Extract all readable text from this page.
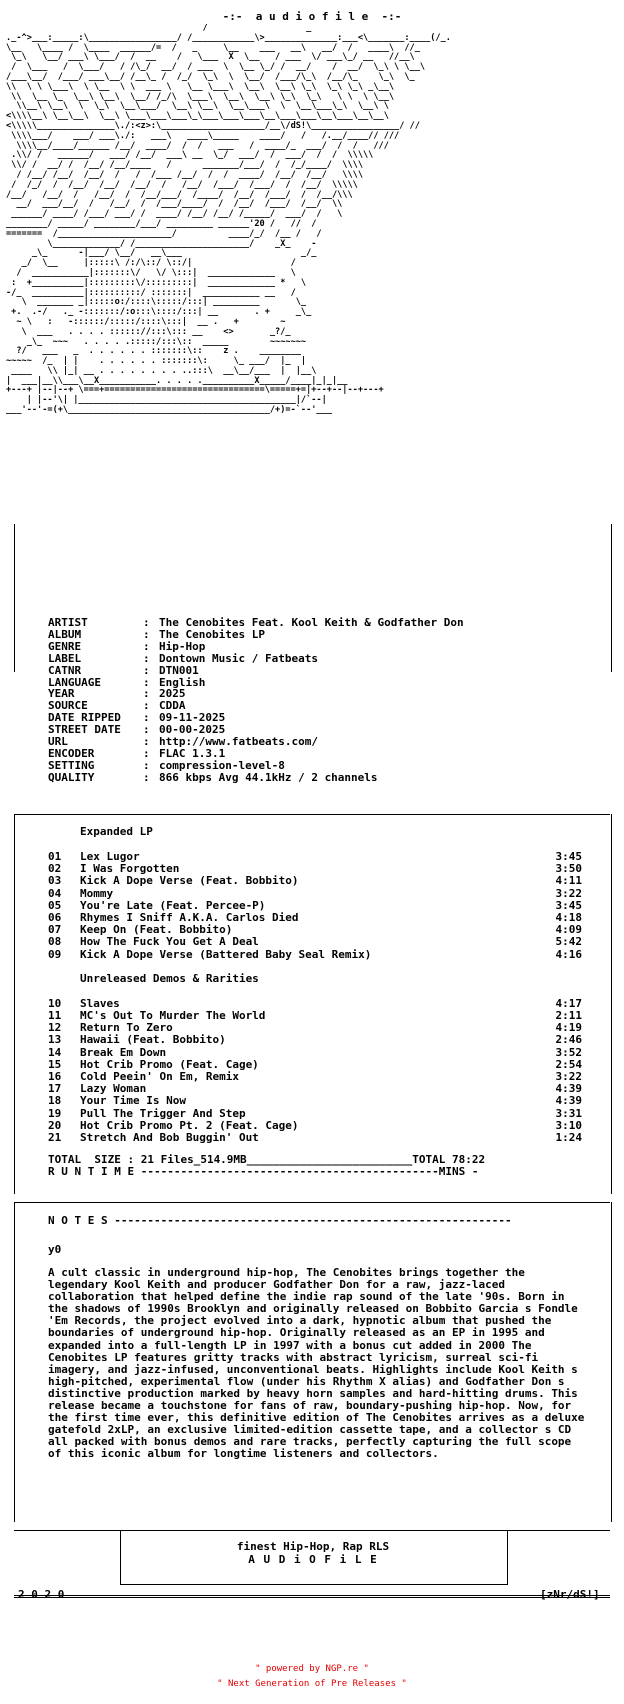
-:-  a u d i o f i l e  -:-
/                   _
._-^>___:_____:\_________________/ /____________\>______________:___<\_______:____(/_.
\__   \____ /  \____  ______/=  /   _     \__    ___   __\   __/  /   ____\  //_
\_\   \__/ ___\ \___/  /  __    /   \___  X  \__   / ___  \/ ___\_/ __   //__\
/  \___   /  \___/   / /\_/  __/  / ___  \  \__ \_/ /  __/    /  __/  \_\ \ \__\
/___\__/  /___/ ___\__/ /__\_ /  /_/  \_\  \  \__/  /___/\_\  /__/\_    \_\  \_
\\  \ \ \___\  \ \__  \ \  ___ \   \__ \___\  \__\  \__\ \_\  \_\ \_\ _\__\
\\  \__ \_  \__\ \__\  \__/ /_/\  \___\  \__\  \__\ \_\  \_\   \ \  \ \__\
\\__\ \__\  \  \_\  \__\___/  \__\ \__\  \__\___\  \  \__\___\_\  \__\ \
<\\\\__\ \__\__\  \__\ \___\___\___\_\___\___\___\__\___\___\__\___\__\__\
<\\\\\_______________\./:<z>:\____________________/__\/dS!\_________________/ //
\\\\___/    ___/ ___\./:   ___\   ____\_____    ____/   /   /.__/____// ///
\\\\__/____/______ /__/  ____/  /  /   ___   /  ____/_  ___/  /  /   ///
.\\/ /   ______/   ___/ /__/  ___\ __  \_/  ___/  /  ___/  /  /  \\\\\
\\/ /  __/ /  /__/ /__/____   /      _______/___/  /  /_/____/  \\\\
/ /__/ /__/  /__/  /   /  /___ /__/  /  /  ____/  /__/  /__/   \\\\
/  /_/  /  /__/  /__/  /__/  /   /__/  /___/  /___/  /  /__/  \\\\\
/__/   /__/  /   /__/  /  /__/___/  /____/  /__/  /___/  /  /__/\\\
__/  ___/__/  /   /__/  /  /___/____/  /  /__/  /___/  /__/  \\
______/ ____/ /___/ ___/ /  ____/ /__/ /__/ /_____/  ___/  /   \
________/ _____/ ________/___/ _________ ______'20 /   //  /
=======  /______________________/          ____/_/  /__ /   /
\_____________/ /______________________/    _X_    -
_\_      -|___/ \__/   __\___                       _/_
_/  \__     |:::::\ /:/\::/ \::/|                   /
/  ___________|:::::::\/   \/ \:::|  _____________   \
:  +__________|:::::::::\/:::::::::|  _____________ *   \
-/_  __________|::::::::::/ :::::::|  ___________ __   /
\  _______ _|:::::o:/::::\:::::/:::| _________       \_
+.  .-/   ._ -:::::::/:o:::\::::/:::| __       . +     _\_
~ \   :   -::::::/:::::/::::\:::|  __ .   +        ~
\  ___   . . . . :::::://:::\::: __    <>       _?/_
_\_  ~~~   . . . . .:::::/:::\::  _____        ~~~~~~~
?/   ___   _  . . . . . . :::::::\::    z .    ________
~~~~~  /_  | |    . . . . . . :::::::\:     \_ ___/  |_  |
____   \\ |_| __ . . . . . . . . ..:::\  __\__/___  |  |__\
|  ___|__\\___\__X___________. . . . .__________X_____/____|_|_|__
+---+ |--|--+ \===+===============================\=====+=|+--+--|--+---+
| |--'\| |__________________________________________|/`--|
___'--'-=(+\_______________________________________/+)=-`--'___
ARTIST	: The Cenobites Feat. Kool Keith & Godfather Don
ALBUM	: The Cenobites LP
GENRE	: Hip-Hop
LABEL	: Dontown Music / Fatbeats
CATNR	: DTN001
LANGUAGE	: English
YEAR	: 2025
SOURCE	: CDDA
DATE RIPPED	: 09-11-2025
STREET DATE	: 00-00-2025
URL	: http://www.fatbeats.com/
ENCODER	: FLAC 1.3.1
SETTING	: compression-level-8
QUALITY	: 866 kbps Avg 44.1kHz / 2 channels
Expanded LP
01	Lex Lugor	3:45
02	I Was Forgotten	3:50
03	Kick A Dope Verse (Feat. Bobbito)	4:11
04	Mommy	3:22
05	You're Late (Feat. Percee-P)	3:45
06	Rhymes I Sniff A.K.A. Carlos Died	4:18
07	Keep On (Feat. Bobbito)	4:09
08	How The Fuck You Get A Deal	5:42
09	Kick A Dope Verse (Battered Baby Seal Remix)	4:16
Unreleased Demos & Rarities
10	Slaves	4:17
11	MC's Out To Murder The World	2:11
12	Return To Zero	4:19
13	Hawaii (Feat. Bobbito)	2:46
14	Break Em Down	3:52
15	Hot Crib Promo (Feat. Cage)	2:54
16	Cold Peein' On Em, Remix	3:22
17	Lazy Woman	4:39
18	Your Time Is Now	4:39
19	Pull The Trigger And Step	3:31
20	Hot Crib Promo Pt. 2 (Feat. Cage)	3:10
21	Stretch And Bob Buggin' Out	1:24
TOTAL  SIZE : 21 Files_514.9MB_________________________TOTAL 78:22
R U N T I M E ---------------------------------------------MINS -
N O T E S ------------------------------------------------------------
y0
A cult classic in underground hip-hop, The Cenobites brings together the legendary Kool Keith and producer Godfather Don for a raw, jazz-laced collaboration that helped define the indie rap sound of the late '90s. Born in the shadows of 1990s Brooklyn and originally released on Bobbito Garcia s Fondle 'Em Records, the project evolved into a dark, hypnotic album that pushed the boundaries of underground hip-hop. Originally released as an EP in 1995 and expanded into a full-length LP in 1997 with a bonus cut added in 2000 The Cenobites LP features gritty tracks with abstract lyricism, surreal sci-fi imagery, and jazz-infused, unconventional beats. Highlights include Kool Keith s high-pitched, experimental flow (under his Rhythm X alias) and Godfather Don s distinctive production marked by heavy horn samples and hard-hitting drums. This release became a touchstone for fans of raw, boundary-pushing hip-hop. Now, for the first time ever, this definitive edition of The Cenobites arrives as a deluxe gatefold 2xLP, an exclusive limited-edition cassette tape, and a collector s CD all packed with bonus demos and rare tracks, perfectly capturing the full scope of this iconic album for longtime listeners and collectors.
finest Hip-Hop, Rap RLS
A U D i O F i L E
2 0 2 0	[zNr/dS!]
" powered by NGP.re "
" Next Generation of Pre Releases "
